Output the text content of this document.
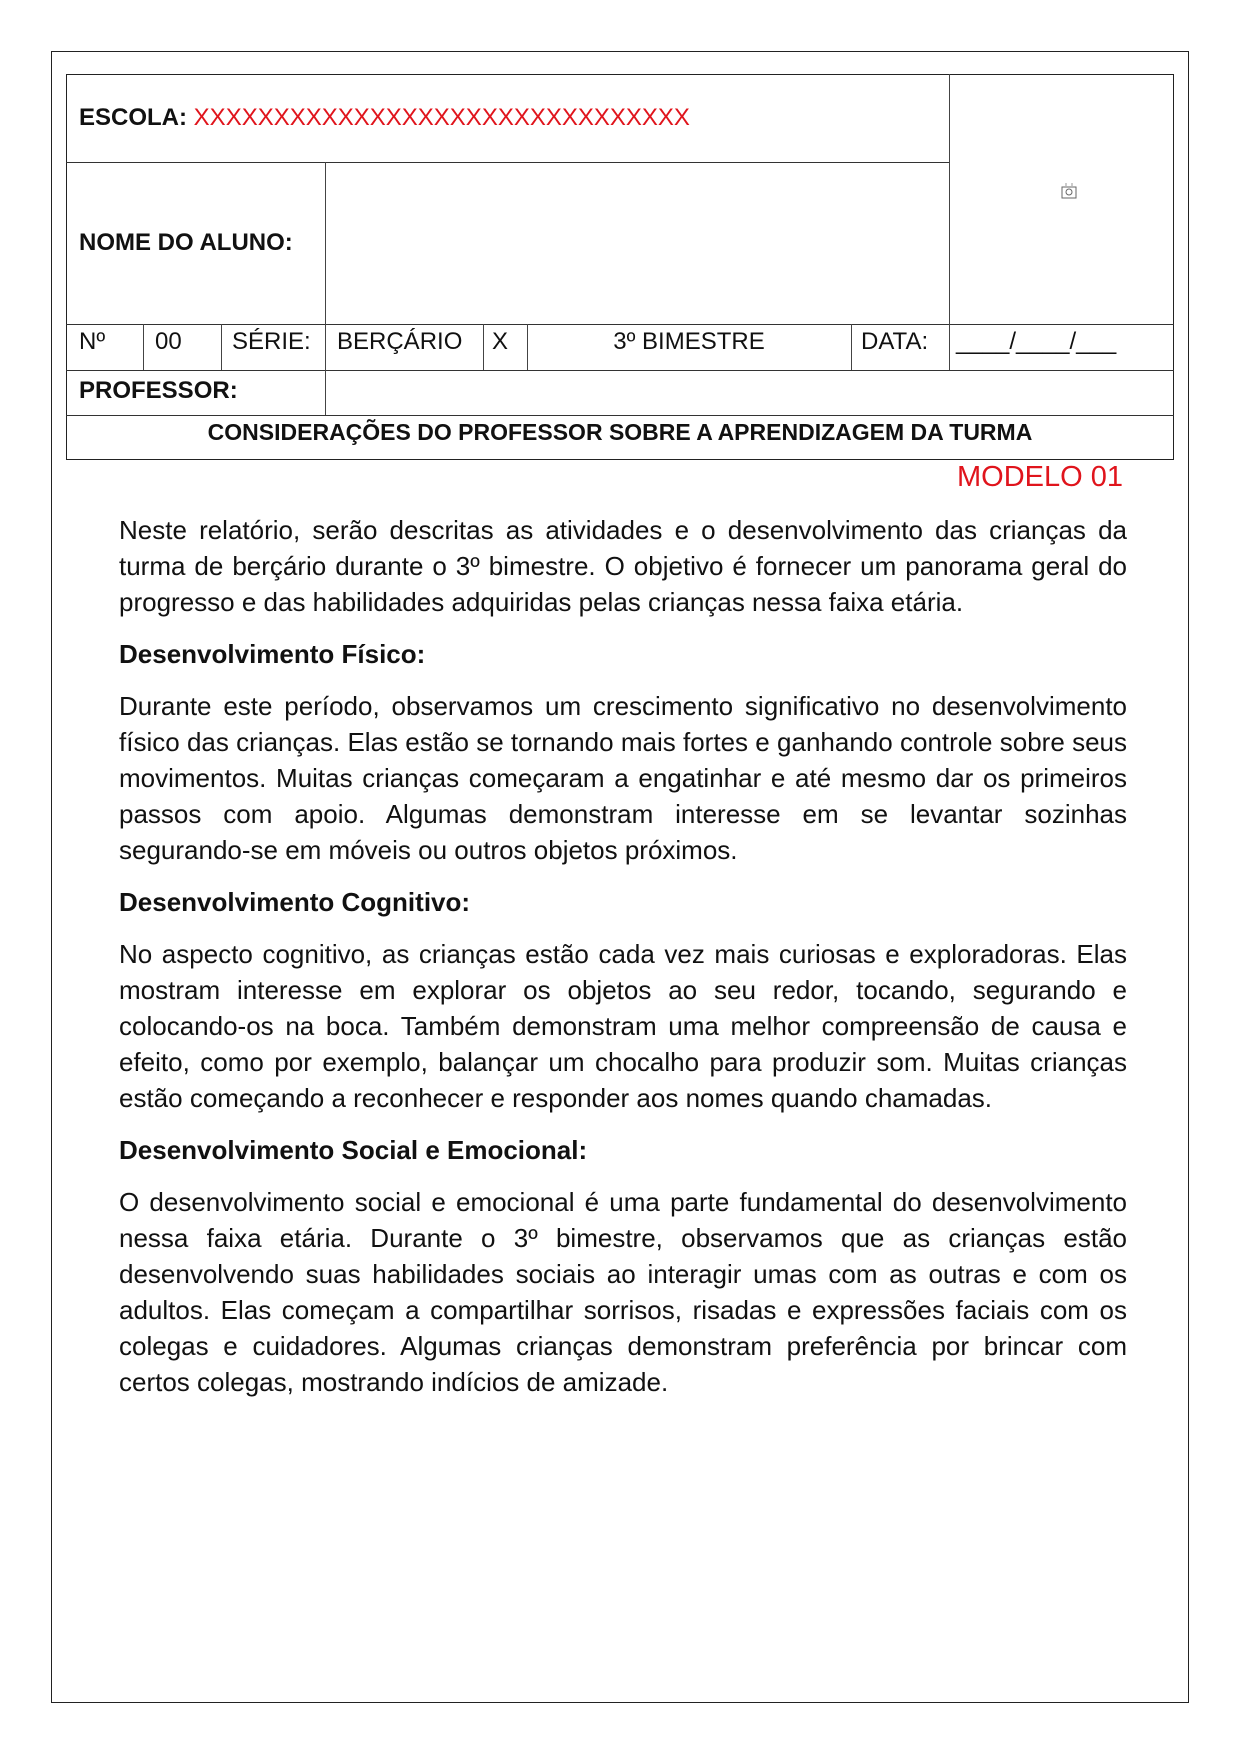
ESCOLA: XXXXXXXXXXXXXXXXXXXXXXXXXXXXXXX
NOME DO ALUNO:
Nº 00 SÉRIE: BERÇÁRIO X	3º BIMESTRE	DATA: ____/____/___
PROFESSOR:
CONSIDERAÇÕES DO PROFESSOR SOBRE A APRENDIZAGEM DA TURMA
MODELO 01

Neste relatório, serão descritas as atividades e o desenvolvimento das crianças da turma de berçário durante o 3º bimestre. O objetivo é fornecer um panorama geral do progresso e das habilidades adquiridas pelas crianças nessa faixa etária.

Desenvolvimento Físico:

Durante este período, observamos um crescimento significativo no desenvolvimento físico das crianças. Elas estão se tornando mais fortes e ganhando controle sobre seus movimentos. Muitas crianças começaram a engatinhar e até mesmo dar os primeiros passos com apoio. Algumas demonstram interesse em se levantar sozinhas segurando-se em móveis ou outros objetos próximos.

Desenvolvimento Cognitivo:

No aspecto cognitivo, as crianças estão cada vez mais curiosas e exploradoras. Elas mostram interesse em explorar os objetos ao seu redor, tocando, segurando e colocando-os na boca. Também demonstram uma melhor compreensão de causa e efeito, como por exemplo, balançar um chocalho para produzir som. Muitas crianças estão começando a reconhecer e responder aos nomes quando chamadas.

Desenvolvimento Social e Emocional:

O desenvolvimento social e emocional é uma parte fundamental do desenvolvimento nessa faixa etária. Durante o 3º bimestre, observamos que as crianças estão desenvolvendo suas habilidades sociais ao interagir umas com as outras e com os adultos. Elas começam a compartilhar sorrisos, risadas e expressões faciais com os colegas e cuidadores. Algumas crianças demonstram preferência por brincar com certos colegas, mostrando indícios de amizade.
